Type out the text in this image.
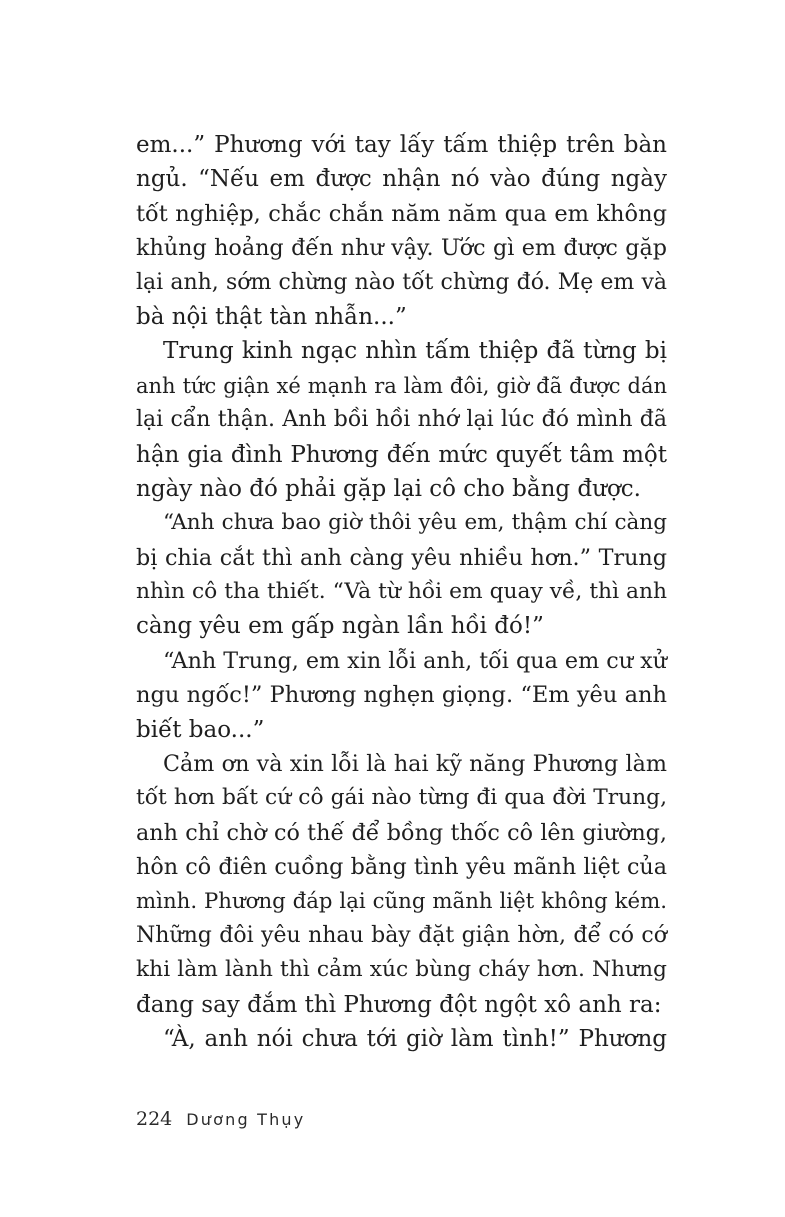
em...” Phương với tay lấy tấm thiệp trên bàn
ngủ. “Nếu em được nhận nó vào đúng ngày
tốt nghiệp, chắc chắn năm năm qua em không
khủng hoảng đến như vậy. Ước gì em được gặp
lại anh, sớm chừng nào tốt chừng đó. Mẹ em và
bà nội thật tàn nhẫn...”
Trung kinh ngạc nhìn tấm thiệp đã từng bị
anh tức giận xé mạnh ra làm đôi, giờ đã được dán
lại cẩn thận. Anh bồi hồi nhớ lại lúc đó mình đã
hận gia đình Phương đến mức quyết tâm một
ngày nào đó phải gặp lại cô cho bằng được.
“Anh chưa bao giờ thôi yêu em, thậm chí càng
bị chia cắt thì anh càng yêu nhiều hơn.” Trung
nhìn cô tha thiết. “Và từ hồi em quay về, thì anh
càng yêu em gấp ngàn lần hồi đó!”
“Anh Trung, em xin lỗi anh, tối qua em cư xử
ngu ngốc!” Phương nghẹn giọng. “Em yêu anh
biết bao...”
Cảm ơn và xin lỗi là hai kỹ năng Phương làm
tốt hơn bất cứ cô gái nào từng đi qua đời Trung,
anh chỉ chờ có thế để bồng thốc cô lên giường,
hôn cô điên cuồng bằng tình yêu mãnh liệt của
mình. Phương đáp lại cũng mãnh liệt không kém.
Những đôi yêu nhau bày đặt giận hờn, để có cớ
khi làm lành thì cảm xúc bùng cháy hơn. Nhưng
đang say đắm thì Phương đột ngột xô anh ra:
“À, anh nói chưa tới giờ làm tình!” Phương
224 Dương Thụy
